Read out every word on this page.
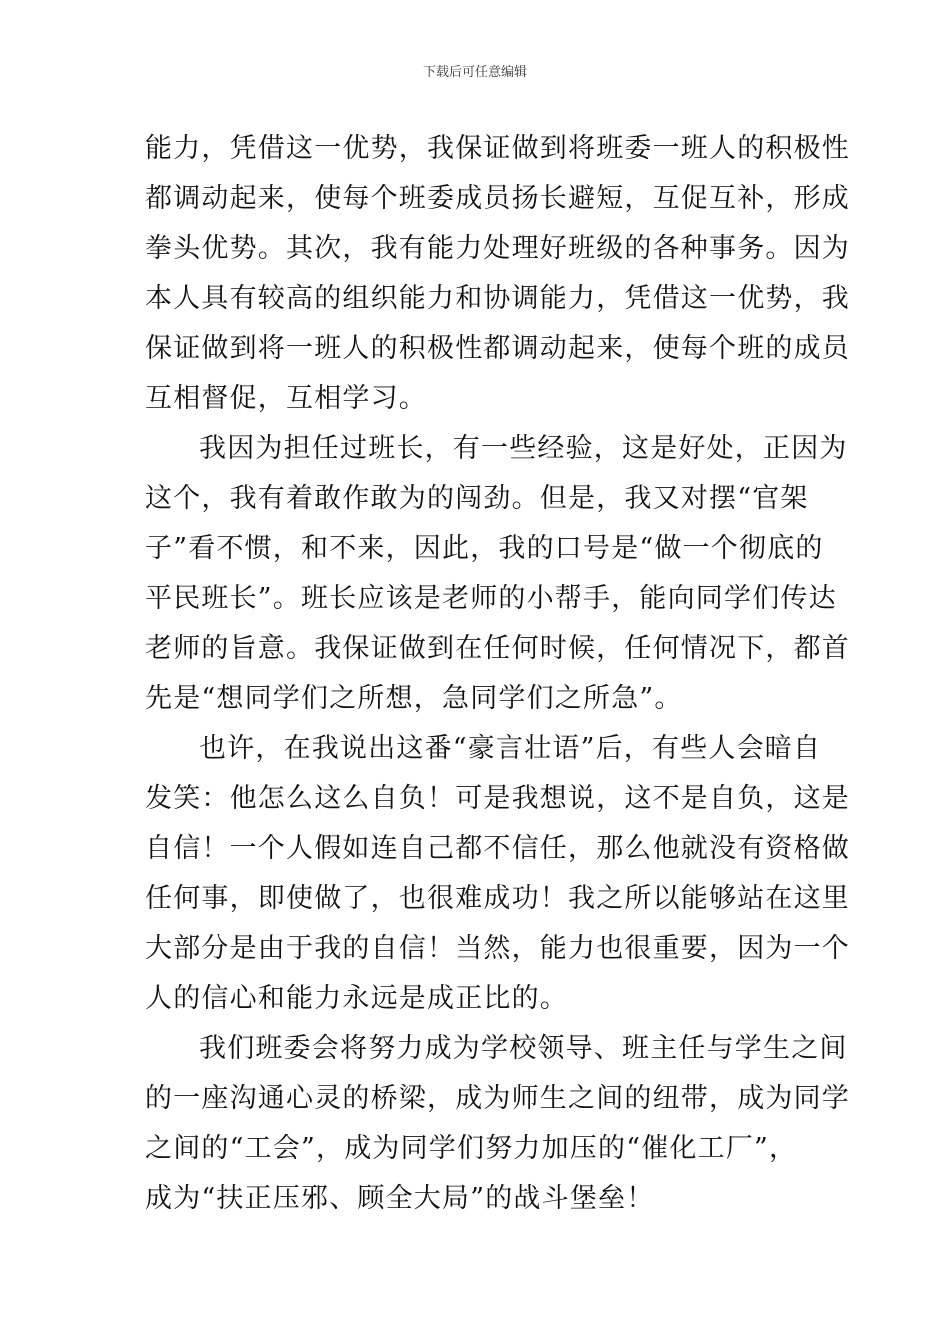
下载后可任意编辑
能力，凭借这一优势，我保证做到将班委一班人的积极性
都调动起来，使每个班委成员扬长避短，互促互补，形成
拳头优势。其次，我有能力处理好班级的各种事务。因为
本人具有较高的组织能力和协调能力，凭借这一优势，我
保证做到将一班人的积极性都调动起来，使每个班的成员
互相督促，互相学习。
我因为担任过班长，有一些经验，这是好处，正因为
这个，我有着敢作敢为的闯劲。但是，我又对摆“官架
子”看不惯，和不来，因此，我的口号是“做一个彻底的
平民班长”。班长应该是老师的小帮手，能向同学们传达
老师的旨意。我保证做到在任何时候，任何情况下，都首
先是“想同学们之所想，急同学们之所急”。
也许，在我说出这番“豪言壮语”后，有些人会暗自
发笑：他怎么这么自负！可是我想说，这不是自负，这是
自信！一个人假如连自己都不信任，那么他就没有资格做
任何事，即使做了，也很难成功！我之所以能够站在这里
大部分是由于我的自信！当然，能力也很重要，因为一个
人的信心和能力永远是成正比的。
我们班委会将努力成为学校领导、班主任与学生之间
的一座沟通心灵的桥梁，成为师生之间的纽带，成为同学
之间的“工会”，成为同学们努力加压的“催化工厂”，
成为“扶正压邪、顾全大局”的战斗堡垒！
